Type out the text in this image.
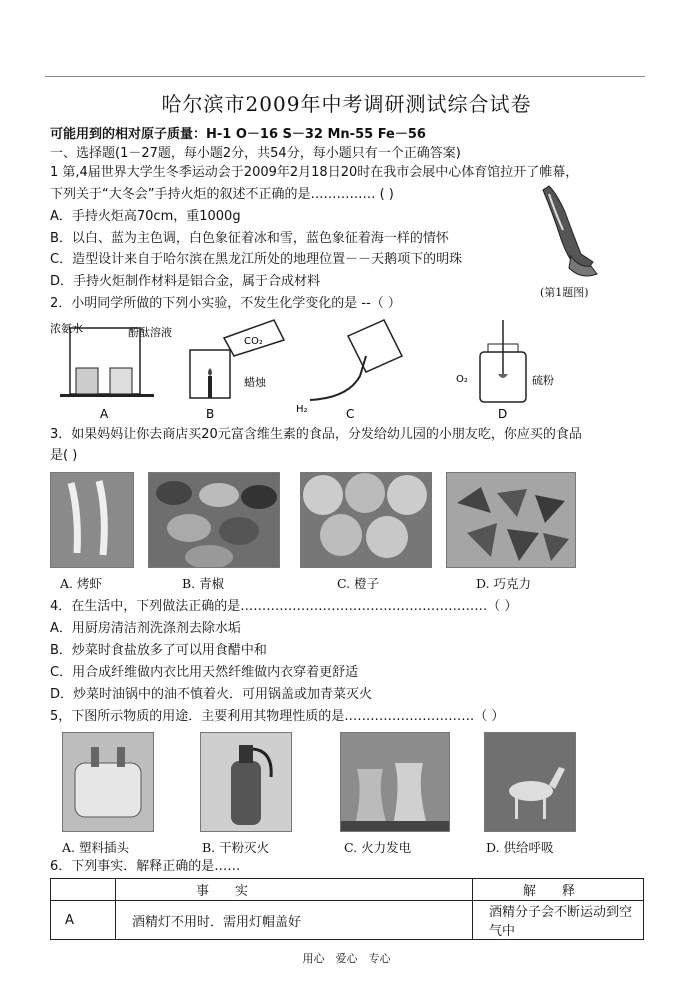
哈尔滨市2009年中考调研测试综合试卷
可能用到的相对原子质量：H-1 O－16 S－32 Mn-55 Fe－56
一、选择题(1－27题，每小题2分，共54分，每小题只有一个正确答案)
1 第,4届世界大学生冬季运动会于2009年2月18日20时在我市会展中心体育馆拉开了帷幕，
下列关于“大冬会”手持火炬的叙述不正确的是…………… ( )
A．手持火炬高70cm，重1000g
B．以白、蓝为主色调，白色象征着冰和雪，蓝色象征着海一样的情怀
C．造型设计来自于哈尔滨在黑龙江所处的地理位置－－天鹅项下的明珠
D．手持火炬制作材料是铝合金，属于合成材料
(第1题图)
2．小明同学所做的下列小实验，不发生化学变化的是 --（ ）
浓氨水	酚酞溶液
A
CO₂
蜡烛
B	H₂	C
O₂	硫粉
D
3．如果妈妈让你去商店买20元富含维生素的食品，分发给幼儿园的小朋友吃，你应买的食品
是( )
A. 烤虾	B. 青椒	C. 橙子	D. 巧克力
4．在生活中，下列做法正确的是…………………………………………………（ ）
A．用厨房清洁剂洗涤剂去除水垢
B．炒菜时食盐放多了可以用食醋中和
C．用合成纤维做内衣比用天然纤维做内衣穿着更舒适
D．炒菜时油锅中的油不慎着火．可用锅盖或加青菜灭火
5，下图所示物质的用途．主要利用其物理性质的是…………………………（ ）
A. 塑料插头	B. 干粉灭火	C. 火力发电	D. 供给呼吸
6．下列事实．解释正确的是……
	事　　实	解　　释
A	酒精灯不用时．需用灯帽盖好	酒精分子会不断运动到空气中
用心　爱心　专心
